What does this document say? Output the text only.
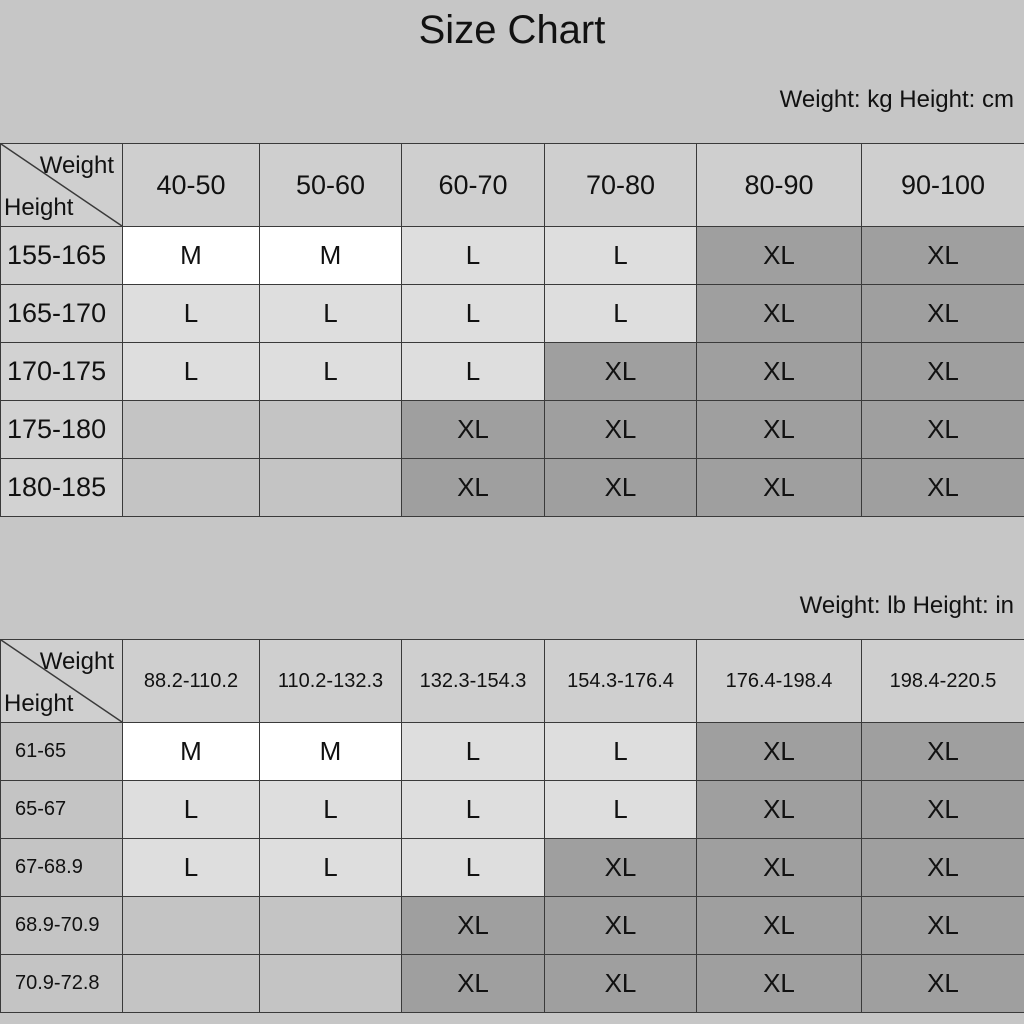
Size Chart
Weight: kg Height: cm
Weight
Height	40-50	50-60	60-70	70-80	80-90	90-100
155-165	M	M	L	L	XL	XL
165-170	L	L	L	L	XL	XL
170-175	L	L	L	XL	XL	XL
175-180			XL	XL	XL	XL
180-185			XL	XL	XL	XL
Weight: lb Height: in
Weight
Height	88.2-110.2	110.2-132.3	132.3-154.3	154.3-176.4	176.4-198.4	198.4-220.5
61-65	M	M	L	L	XL	XL
65-67	L	L	L	L	XL	XL
67-68.9	L	L	L	XL	XL	XL
68.9-70.9			XL	XL	XL	XL
70.9-72.8			XL	XL	XL	XL
